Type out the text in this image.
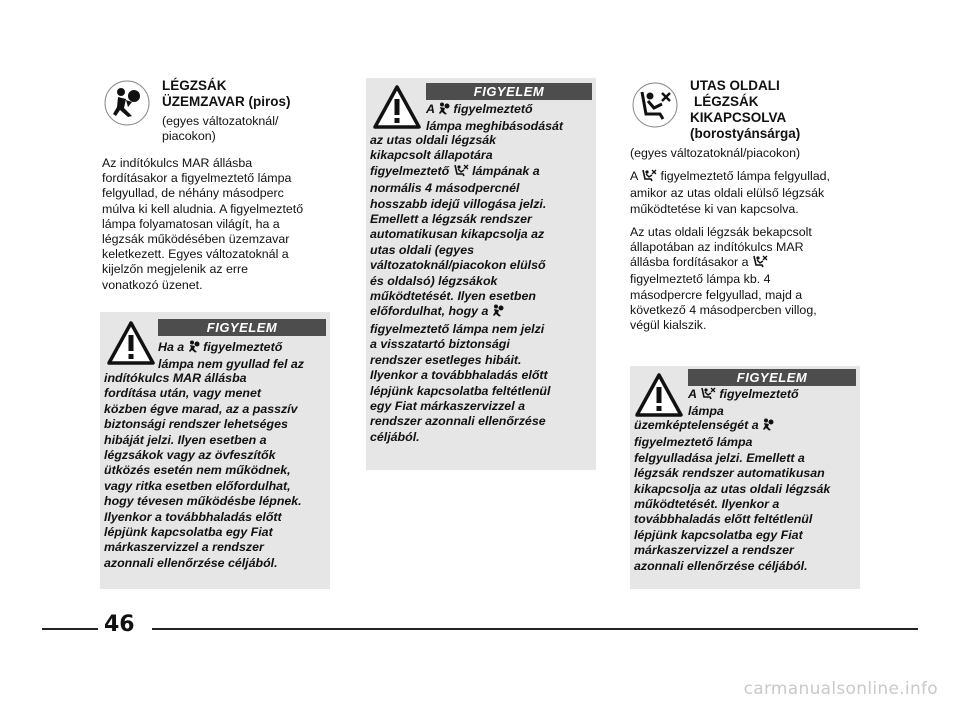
LÉGZSÁK
ÜZEMZAVAR (piros)
(egyes változatoknál/
piacokon)
Az indítókulcs MAR állásba
fordításakor a figyelmeztető lámpa
felgyullad, de néhány másodperc
múlva ki kell aludnia. A figyelmeztető
lámpa folyamatosan világít, ha a
légzsák működésében üzemzavar
keletkezett. Egyes változatoknál a
kijelzőn megjelenik az erre
vonatkozó üzenet.
FIGYELEM
Ha a figyelmeztető
lámpa nem gyullad fel az
indítókulcs MAR állásba
fordítása után, vagy menet
közben égve marad, az a passzív
biztonsági rendszer lehetséges
hibáját jelzi. Ilyen esetben a
légzsákok vagy az övfeszítők
ütközés esetén nem működnek,
vagy ritka esetben előfordulhat,
hogy tévesen működésbe lépnek.
Ilyenkor a továbbhaladás előtt
lépjünk kapcsolatba egy Fiat
márkaszervizzel a rendszer
azonnali ellenőrzése céljából.
FIGYELEM
A figyelmeztető
lámpa meghibásodását
az utas oldali légzsák
kikapcsolt állapotára
figyelmeztető lámpának a
normális 4 másodpercnél
hosszabb idejű villogása jelzi.
Emellett a légzsák rendszer
automatikusan kikapcsolja az
utas oldali (egyes
változatoknál/piacokon elülső
és oldalsó) légzsákok
működtetését. Ilyen esetben
előfordulhat, hogy a
figyelmeztető lámpa nem jelzi
a visszatartó biztonsági
rendszer esetleges hibáit.
Ilyenkor a továbbhaladás előtt
lépjünk kapcsolatba feltétlenül
egy Fiat márkaszervizzel a
rendszer azonnali ellenőrzése
céljából.
UTAS OLDALI
LÉGZSÁK
KIKAPCSOLVA
(borostyánsárga)
(egyes változatoknál/piacokon)
A figyelmeztető lámpa felgyullad,
amikor az utas oldali elülső légzsák
működtetése ki van kapcsolva.
Az utas oldali légzsák bekapcsolt
állapotában az indítókulcs MAR
állásba fordításakor a
figyelmeztető lámpa kb. 4
másodpercre felgyullad, majd a
következő 4 másodpercben villog,
végül kialszik.
FIGYELEM
A figyelmeztető
lámpa
üzemképtelenségét a
figyelmeztető lámpa
felgyulladása jelzi. Emellett a
légzsák rendszer automatikusan
kikapcsolja az utas oldali légzsák
működtetését. Ilyenkor a
továbbhaladás előtt feltétlenül
lépjünk kapcsolatba egy Fiat
márkaszervizzel a rendszer
azonnali ellenőrzése céljából.
46
carmanualsonline.info
